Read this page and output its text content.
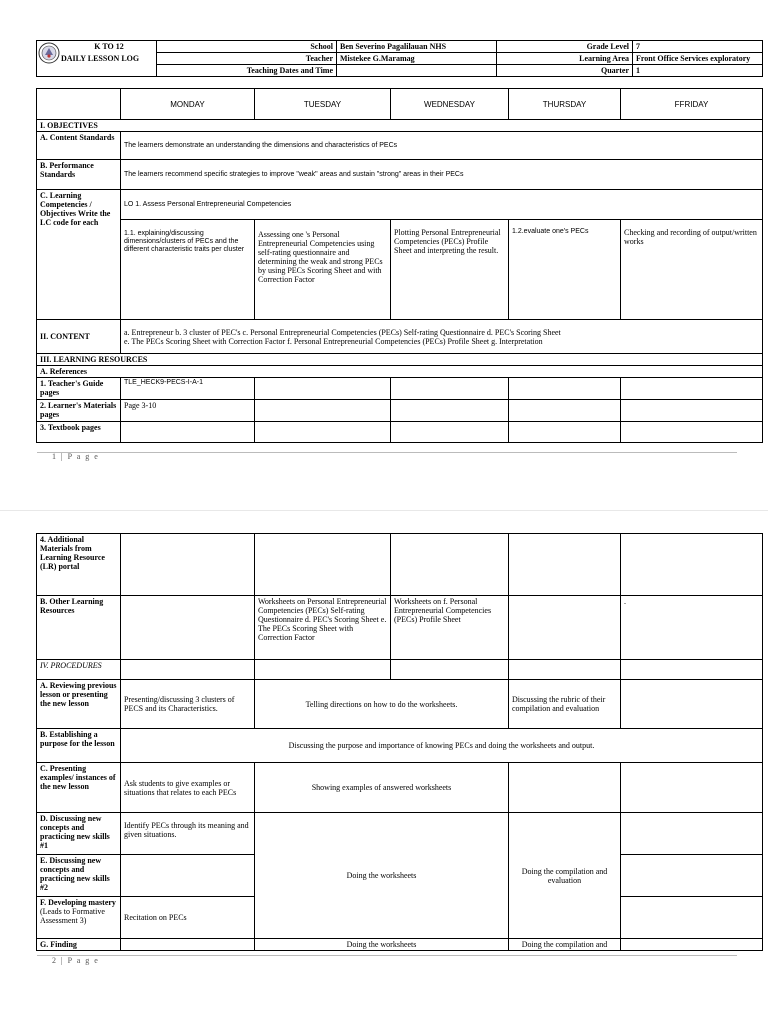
K TO 12	School	Ben Severino Pagalilauan NHS	Grade Level	7
DAILY LESSON LOG	Teacher	Mistekee G.Maramag	Learning Area	Front Office Services exploratory
	Teaching Dates and Time		Quarter	1
	MONDAY	TUESDAY	WEDNESDAY	THURSDAY	FFRIDAY
I. OBJECTIVES					
A. Content Standards	The learners demonstrate an understanding the dimensions and characteristics of PECs				
B. Performance Standards	The learners recommend specific strategies to improve "weak" areas and sustain "strong" areas in their PECs				
C. Learning Competencies / Objectives Write the LC code for each	LO 1. Assess Personal Entrepreneurial Competencies				
	1.1. explaining/discussing dimensions/clusters of PECs and the different characteristic traits per cluster	Assessing one 's Personal Entrepreneurial Competencies using self-rating questionnaire and determining the weak and strong PECs by using PECs Scoring Sheet and with Correction Factor	Plotting Personal Entrepreneurial Competencies (PECs) Profile Sheet and interpreting the result.	1.2.evaluate one's PECs	Checking and recording of output/written works
II. CONTENT	a. Entrepreneur b. 3 cluster of PEC's c. Personal Entrepreneurial Competencies (PECs) Self-rating Questionnaire d. PEC's Scoring Sheet
e. The PECs Scoring Sheet with Correction Factor f. Personal Entrepreneurial Competencies (PECs) Profile Sheet g. Interpretation				

III. LEARNING RESOURCES					
A. References					
1. Teacher's Guide pages	TLE_HECK9-PECS-I-A-1				
2. Learner's Materials pages	Page 3-10				
3. Textbook pages					
1 | P a g e
4. Additional Materials from Learning Resource (LR) portal					
B. Other Learning Resources		Worksheets on Personal Entrepreneurial Competencies (PECs) Self-rating Questionnaire d. PEC's Scoring Sheet e. The PECs Scoring Sheet with Correction Factor	Worksheets on f. Personal Entrepreneurial Competencies (PECs) Profile Sheet		.
IV. PROCEDURES					
A. Reviewing previous lesson or presenting the new lesson	Presenting/discussing 3 clusters of PECS and its Characteristics.	Telling directions on how to do the worksheets.		Discussing the rubric of their compilation and evaluation	
B. Establishing a purpose for the lesson	Discussing the purpose and importance of knowing PECs and doing the worksheets and output.				
C. Presenting examples/ instances of the new lesson	Ask students to give examples or situations that relates to each PECs	Showing examples of answered worksheets			
D. Discussing new concepts and practicing new skills #1	Identify PECs through its meaning and given situations.	Doing the worksheets		Doing the compilation and evaluation	
E. Discussing new concepts and practicing new skills #2					
F. Developing mastery (Leads to Formative Assessment 3)	Recitation on PECs				
G. Finding		Doing the worksheets		Doing the compilation and	
2 | P a g e
